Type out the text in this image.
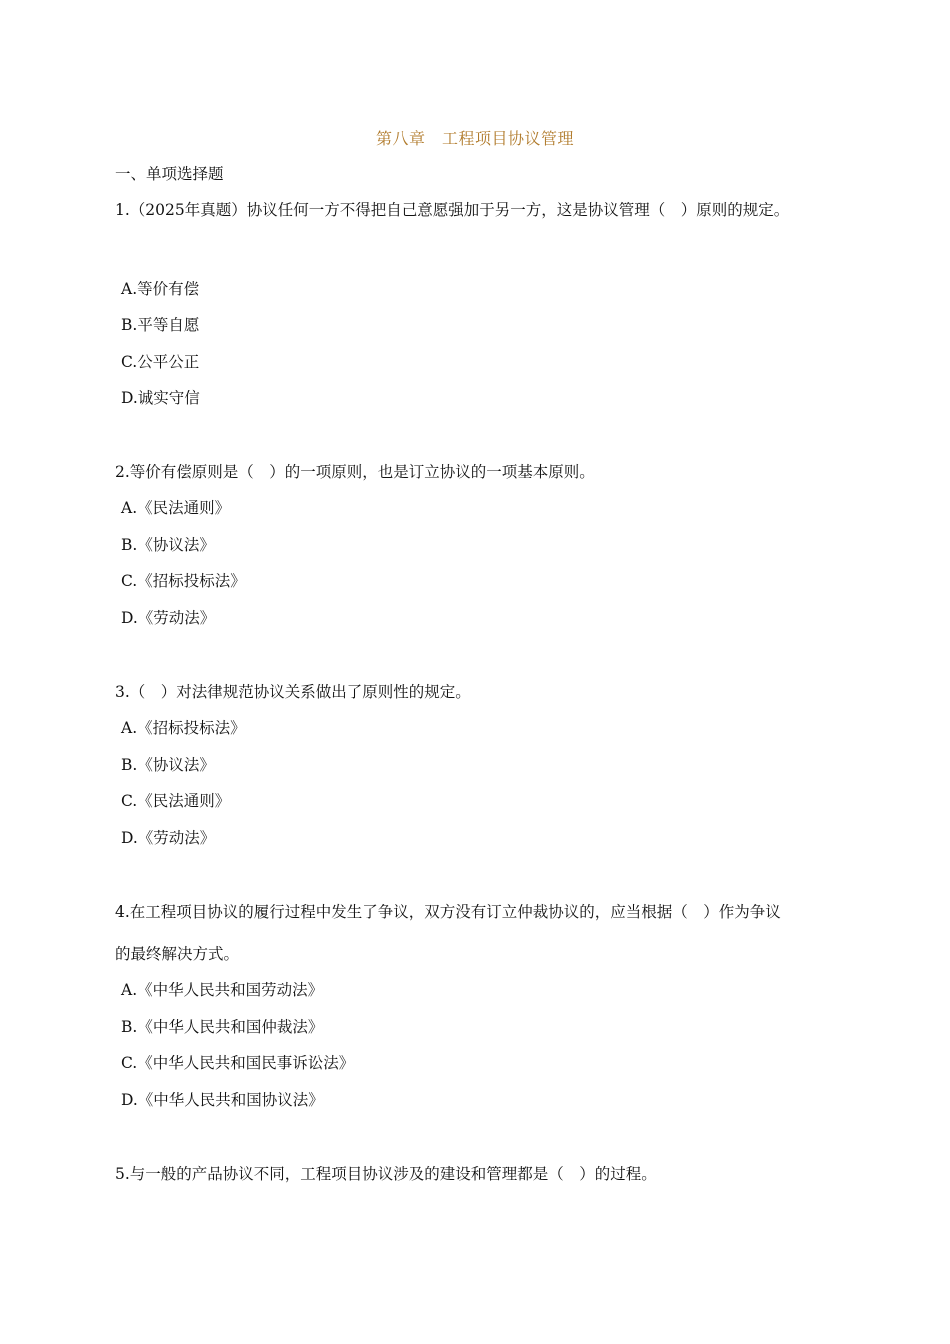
第八章　工程项目协议管理
一、单项选择题
1.（2025年真题）协议任何一方不得把自己意愿强加于另一方，这是协议管理（　）原则的规定。
A.等价有偿
B.平等自愿
C.公平公正
D.诚实守信
2.等价有偿原则是（　）的一项原则，也是订立协议的一项基本原则。
A.《民法通则》
B.《协议法》
C.《招标投标法》
D.《劳动法》
3.（　）对法律规范协议关系做出了原则性的规定。
A.《招标投标法》
B.《协议法》
C.《民法通则》
D.《劳动法》
4.在工程项目协议的履行过程中发生了争议，双方没有订立仲裁协议的，应当根据（　）作为争议
的最终解决方式。
A.《中华人民共和国劳动法》
B.《中华人民共和国仲裁法》
C.《中华人民共和国民事诉讼法》
D.《中华人民共和国协议法》
5.与一般的产品协议不同，工程项目协议涉及的建设和管理都是（　）的过程。
